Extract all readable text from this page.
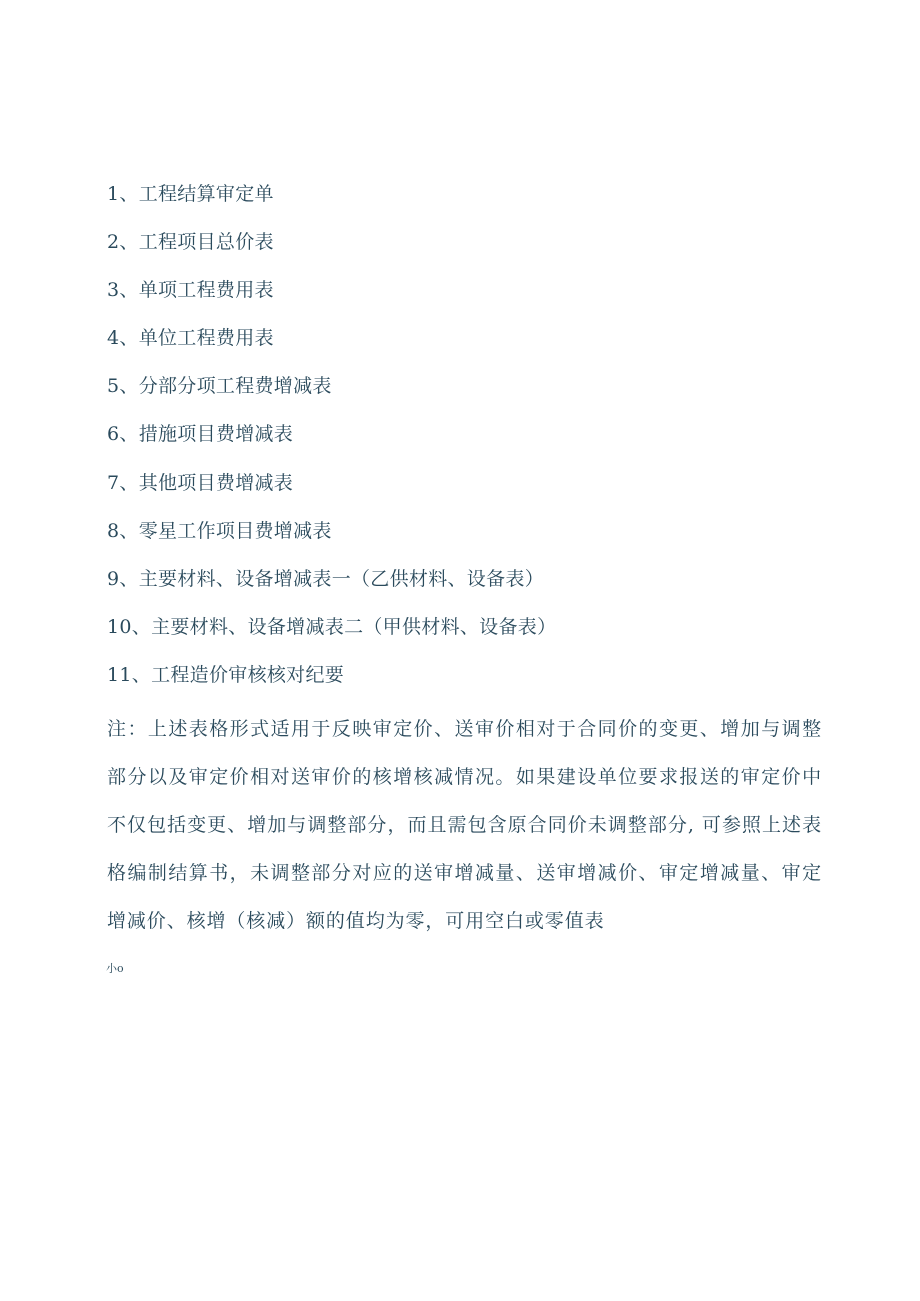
1、工程结算审定单
2、工程项目总价表
3、单项工程费用表
4、单位工程费用表
5、分部分项工程费增减表
6、措施项目费增减表
7、其他项目费增减表
8、零星工作项目费增减表
9、主要材料、设备增减表一（乙供材料、设备表）
10、主要材料、设备增减表二（甲供材料、设备表）
11、工程造价审核核对纪要

注：上述表格形式适用于反映审定价、送审价相对于合同价的变更、增加与调整部分以及审定价相对送审价的核增核减情况。如果建设单位要求报送的审定价中不仅包括变更、增加与调整部分，而且需包含原合同价未调整部分, 可参照上述表格编制结算书，未调整部分对应的送审增减量、送审增减价、审定增减量、审定增减价、核增（核减）额的值均为零，可用空白或零值表

小o
